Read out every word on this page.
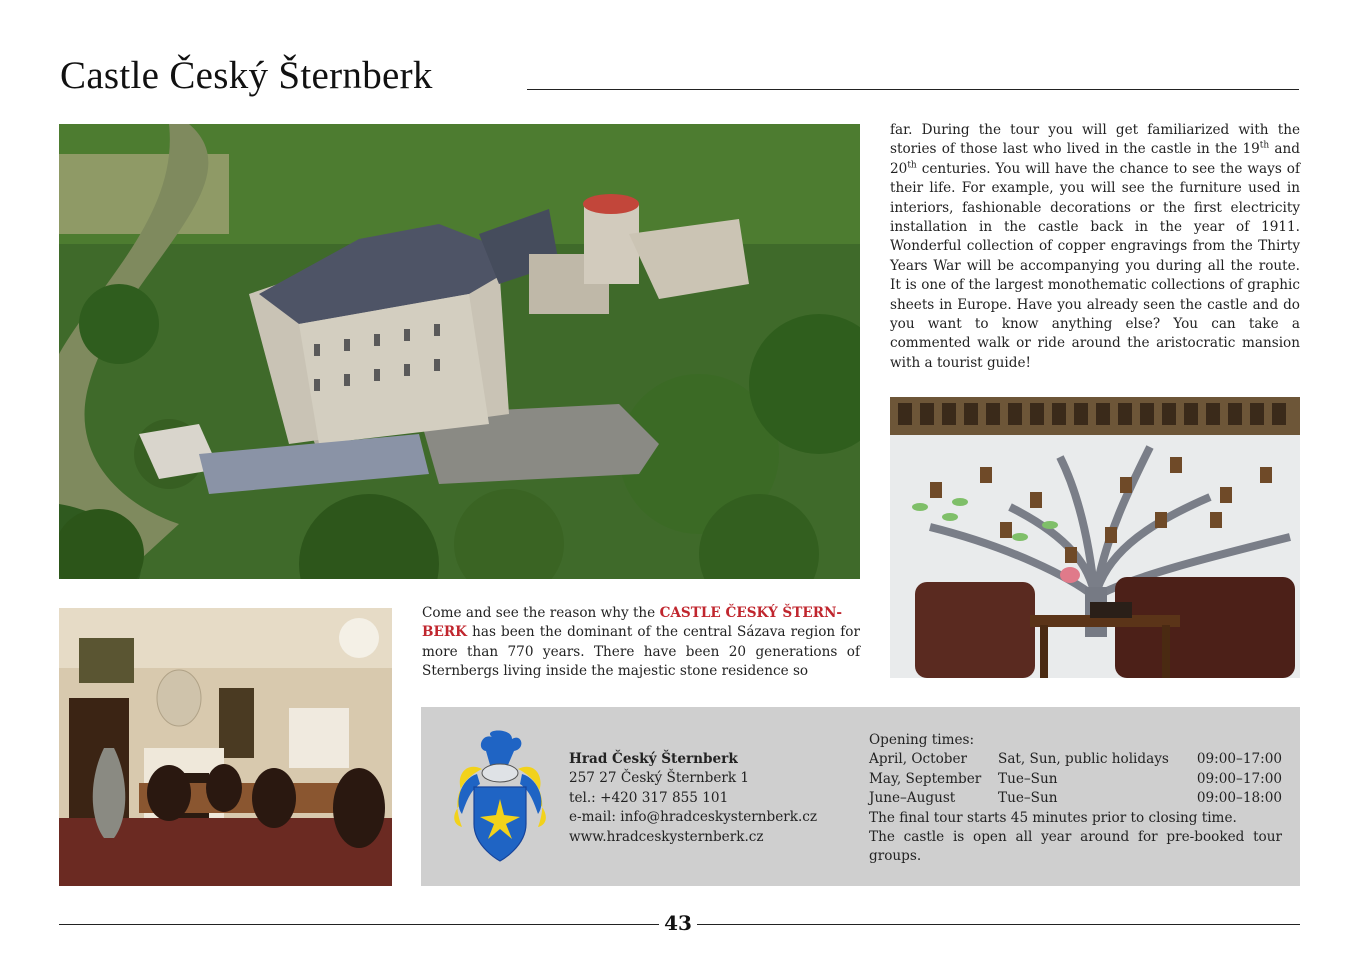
Castle Český Šternberk
far. During the tour you will get familiarized with the stories of those last who lived in the castle in the 19th and 20th centuries. You will have the chance to see the ways of their life. For example, you will see the furniture used in interiors, fashionable decorations or the first electricity installation in the castle back in the year of 1911. Wonderful collection of copper engravings from the Thirty Years War will be accompanying you during all the route. It is one of the largest monothematic collections of graphic sheets in Europe. Have you already seen the castle and do you want to know anything else? You can take a commented walk or ride around the aristocratic mansion with a tourist guide!
Come and see the reason why the CASTLE ČESKÝ ŠTERN-
BERK has been the dominant of the central Sázava region for more than 770 years. There have been 20 generations of Sternbergs living inside the majestic stone residence so
Hrad Český Šternberk
257 27 Český Šternberk 1
tel.: +420 317 855 101
e-mail: info@hradceskysternberk.cz
www.hradceskysternberk.cz
Opening times:
April, October	Sat, Sun, public holidays	09:00–17:00
May, September	Tue–Sun	09:00–17:00
June–August	Tue–Sun	09:00–18:00
The final tour starts 45 minutes prior to closing time.
The castle is open all year around for pre-booked tour groups.
43
